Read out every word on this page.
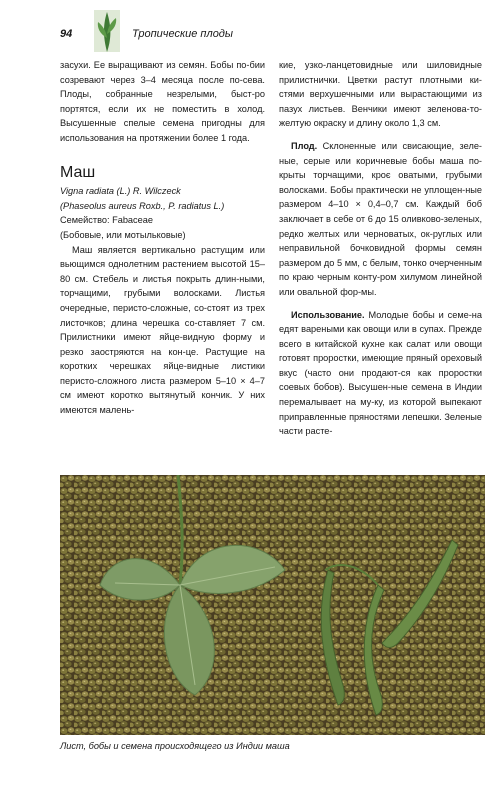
94	Тропические плоды

засухи. Ее выращивают из семян. Бобы по-бии созревают через 3–4 месяца после по-сева. Плоды, собранные незрелыми, быст-ро портятся, если их не поместить в холод. Высушенные спелые семена пригодны для использования на протяжении более 1 года.

Маш

Vigna radiata (L.) R. Wilczeck

(Phaseolus aureus Roxb., P. radiatus L.)

Семейство: Fabaceae

(Бобовые, или мотыльковые)

Маш является вертикально растущим или вьющимся однолетним растением высотой 15–80 см. Стебель и листья покрыть длин-ными, торчащими, грубыми волосками. Листья очередные, перисто-сложные, со-стоят из трех листочков; длина черешка со-ставляет 7 см. Прилистники имеют яйце-видную форму и резко заостряются на кон-це. Растущие на коротких черешках яйце-видные листики перисто-сложного листа размером 5–10 × 4–7 см имеют коротко вытянутый кончик. У них имеются малень-

кие, узко-ланцетовидные или шиловидные прилистнички. Цветки растут плотными ки-стями верхушечными или вырастающими из пазух листьев. Венчики имеют зеленова-то-желтую окраску и длину около 1,3 см.

Плод. Склоненные или свисающие, зеле-ные, серые или коричневые бобы маша по-крыты торчащими, кроє оватыми, грубыми волосками. Бобы практически не уплощен-ные размером 4–10 × 0,4–0,7 см. Каждый боб заключает в себе от 6 до 15 оливково-зеленых, редко желтых или черноватых, ок-руглых или неправильной бочковидной формы семян размером до 5 мм, с белым, тонко очерченным по краю черным конту-ром хилумом линейной или овальной фор-мы.

Использование. Молодые бобы и семе-на едят вареными как овощи или в супах. Прежде всего в китайской кухне как салат или овощи готовят проростки, имеющие пряный ореховый вкус (часто они продают-ся как проростки соевых бобов). Высушен-ные семена в Индии перемалывает на му-ку, из которой выпекают приправленные пряностями лепешки. Зеленые части расте-

Лист, бобы и семена происходящего из Индии маша
